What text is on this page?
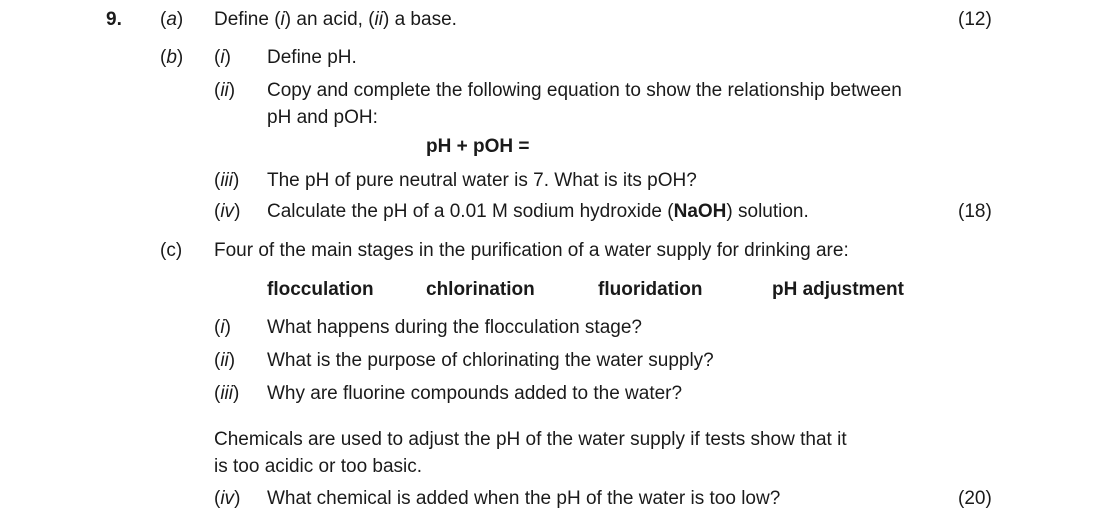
9. (a) Define (i) an acid, (ii) a base.	(12)
(b) (i) Define pH.
(ii) Copy and complete the following equation to show the relationship between
pH and pOH:
pH + pOH =
(iii) The pH of pure neutral water is 7. What is its pOH?
(iv) Calculate the pH of a 0.01 M sodium hydroxide (NaOH) solution.	(18)
(c) Four of the main stages in the purification of a water supply for drinking are:
flocculation	chlorination	fluoridation	pH adjustment
(i) What happens during the flocculation stage?
(ii) What is the purpose of chlorinating the water supply?
(iii) Why are fluorine compounds added to the water?
Chemicals are used to adjust the pH of the water supply if tests show that it
is too acidic or too basic.
(iv) What chemical is added when the pH of the water is too low?	(20)
